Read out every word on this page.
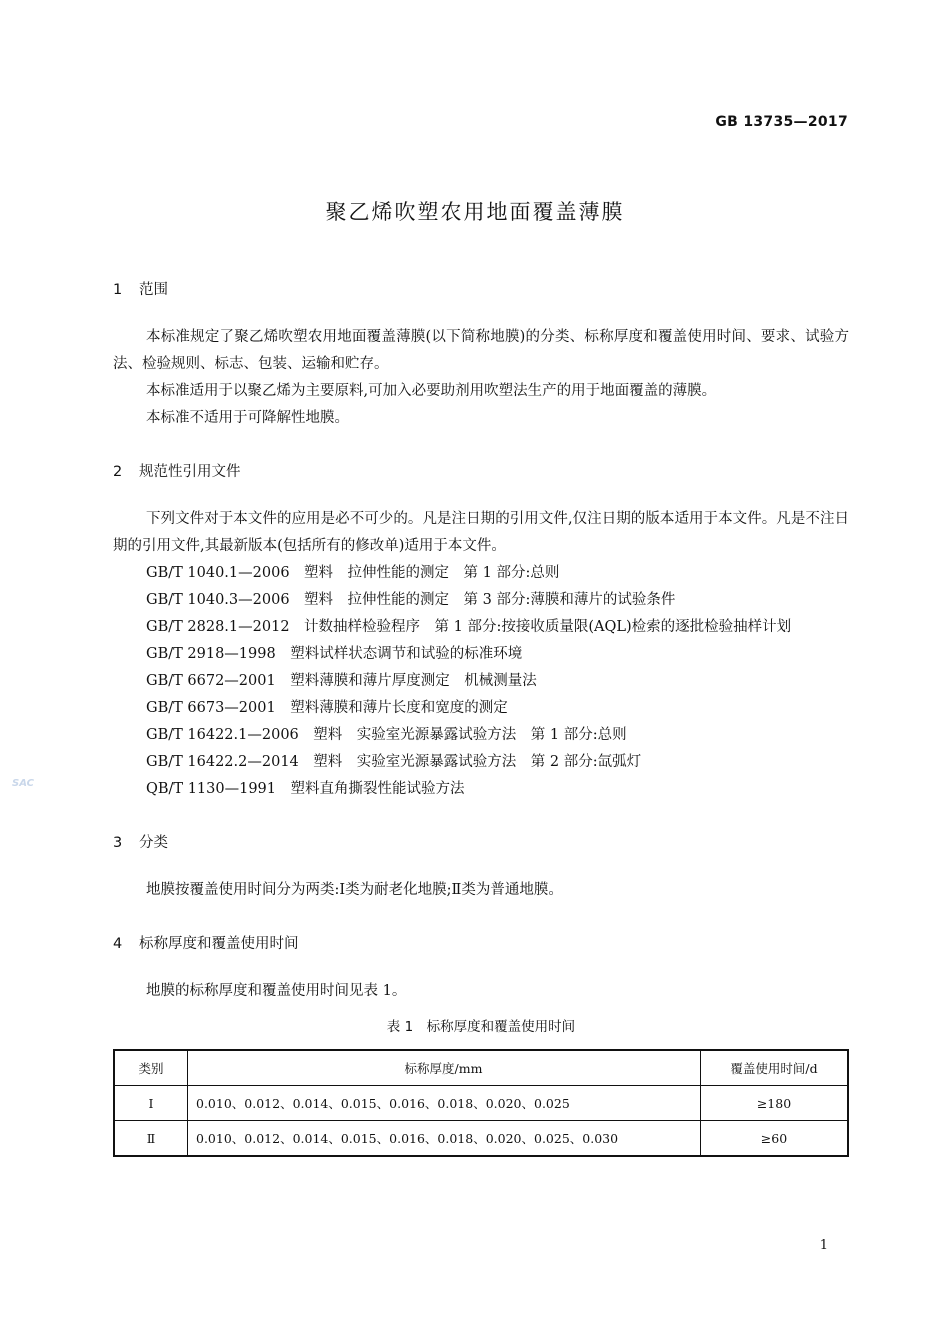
GB 13735—2017
聚乙烯吹塑农用地面覆盖薄膜
SAC
1 范围

本标准规定了聚乙烯吹塑农用地面覆盖薄膜(以下简称地膜)的分类、标称厚度和覆盖使用时间、要求、试验方法、检验规则、标志、包装、运输和贮存。

本标准适用于以聚乙烯为主要原料,可加入必要助剂用吹塑法生产的用于地面覆盖的薄膜。

本标准不适用于可降解性地膜。

2 规范性引用文件

下列文件对于本文件的应用是必不可少的。凡是注日期的引用文件,仅注日期的版本适用于本文件。凡是不注日期的引用文件,其最新版本(包括所有的修改单)适用于本文件。

GB/T 1040.1—2006　塑料　拉伸性能的测定　第 1 部分:总则
GB/T 1040.3—2006　塑料　拉伸性能的测定　第 3 部分:薄膜和薄片的试验条件
GB/T 2828.1—2012　计数抽样检验程序　第 1 部分:按接收质量限(AQL)检索的逐批检验抽样计划
GB/T 2918—1998　塑料试样状态调节和试验的标准环境
GB/T 6672—2001　塑料薄膜和薄片厚度测定　机械测量法
GB/T 6673—2001　塑料薄膜和薄片长度和宽度的测定
GB/T 16422.1—2006　塑料　实验室光源暴露试验方法　第 1 部分:总则
GB/T 16422.2—2014　塑料　实验室光源暴露试验方法　第 2 部分:氙弧灯
QB/T 1130—1991　塑料直角撕裂性能试验方法
3 分类

地膜按覆盖使用时间分为两类:Ⅰ类为耐老化地膜;Ⅱ类为普通地膜。

4 标称厚度和覆盖使用时间

地膜的标称厚度和覆盖使用时间见表 1。

表 1　标称厚度和覆盖使用时间
类别	标称厚度/mm	覆盖使用时间/d
Ⅰ	0.010、0.012、0.014、0.015、0.016、0.018、0.020、0.025	≥180
Ⅱ	0.010、0.012、0.014、0.015、0.016、0.018、0.020、0.025、0.030	≥60
1
